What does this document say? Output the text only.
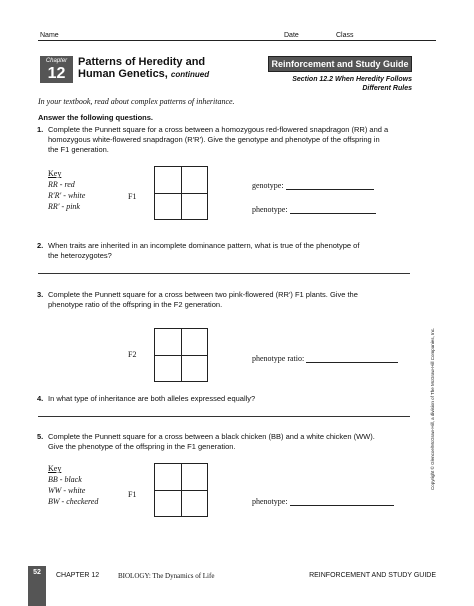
Name	Date	Class
Chapter
12
Patterns of Heredity and
Human Genetics, continued
Reinforcement and Study Guide
Section 12.2 When Heredity Follows
Different Rules
In your textbook, read about complex patterns of inheritance.
Answer the following questions.
1. Complete the Punnett square for a cross between a homozygous red-flowered snapdragon (RR) and a
homozygous white-flowered snapdragon (R′R′). Give the genotype and phenotype of the offspring in
the F1 generation.
Key
RR - red
R′R′ - white
RR′ - pink
F1
genotype:
phenotype:
2. When traits are inherited in an incomplete dominance pattern, what is true of the phenotype of
the heterozygotes?
3. Complete the Punnett square for a cross between two pink-flowered (RR′) F1 plants. Give the
phenotype ratio of the offspring in the F2 generation.
F2	phenotype ratio:
4. In what type of inheritance are both alleles expressed equally?
5. Complete the Punnett square for a cross between a black chicken (BB) and a white chicken (WW).
Give the phenotype of the offspring in the F1 generation.
Key
BB - black
WW - white
BW - checkered
F1
phenotype:
Copyright © Glencoe/McGraw-Hill, a division of The McGraw-Hill Companies, Inc.
52	CHAPTER 12	BIOLOGY: The Dynamics of Life	REINFORCEMENT AND STUDY GUIDE
